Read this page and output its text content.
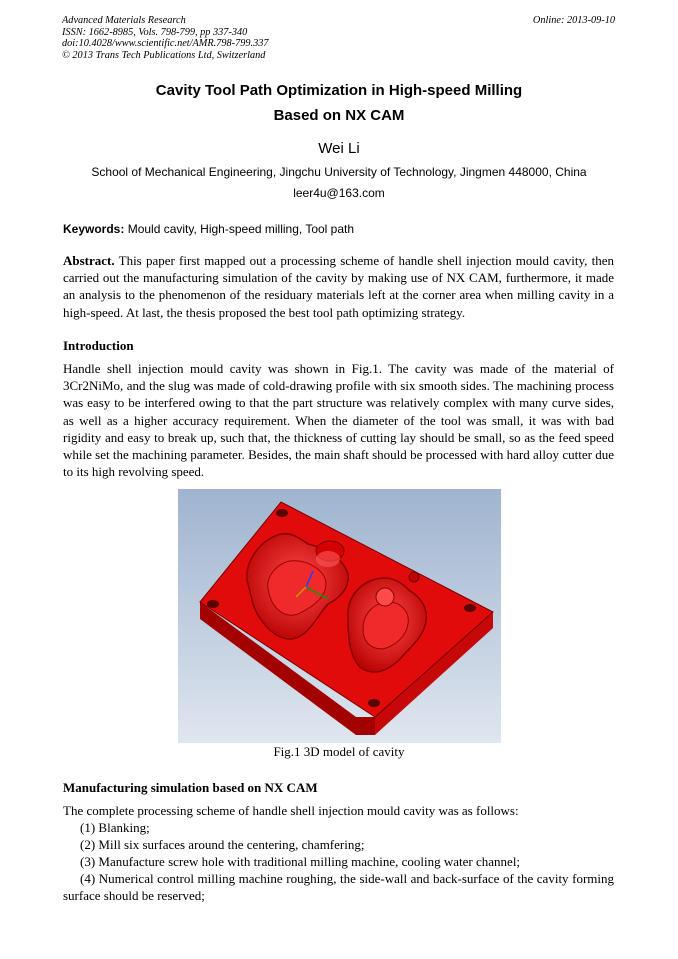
Advanced Materials Research
ISSN: 1662-8985, Vols. 798-799, pp 337-340
doi:10.4028/www.scientific.net/AMR.798-799.337
© 2013 Trans Tech Publications Ltd, Switzerland
Online: 2013-09-10
Cavity Tool Path Optimization in High-speed Milling
Based on NX CAM
Wei Li
School of Mechanical Engineering, Jingchu University of Technology, Jingmen 448000, China
leer4u@163.com
Keywords: Mould cavity, High-speed milling, Tool path
Abstract. This paper first mapped out a processing scheme of handle shell injection mould cavity, then carried out the manufacturing simulation of the cavity by making use of NX CAM, furthermore, it made an analysis to the phenomenon of the residuary materials left at the corner area when milling cavity in a high-speed. At last, the thesis proposed the best tool path optimizing strategy.
Introduction
Handle shell injection mould cavity was shown in Fig.1. The cavity was made of the material of 3Cr2NiMo, and the slug was made of cold-drawing profile with six smooth sides. The machining process was easy to be interfered owing to that the part structure was relatively complex with many curve sides, as well as a higher accuracy requirement. When the diameter of the tool was small, it was with bad rigidity and easy to break up, such that, the thickness of cutting lay should be small, so as the feed speed while set the machining parameter. Besides, the main shaft should be processed with hard alloy cutter due to its high revolving speed.
Fig.1 3D model of cavity
Manufacturing simulation based on NX CAM
The complete processing scheme of handle shell injection mould cavity was as follows:
(1) Blanking;
(2) Mill six surfaces around the centering, chamfering;
(3) Manufacture screw hole with traditional milling machine, cooling water channel;
(4) Numerical control milling machine roughing, the side-wall and back-surface of the cavity forming surface should be reserved;
